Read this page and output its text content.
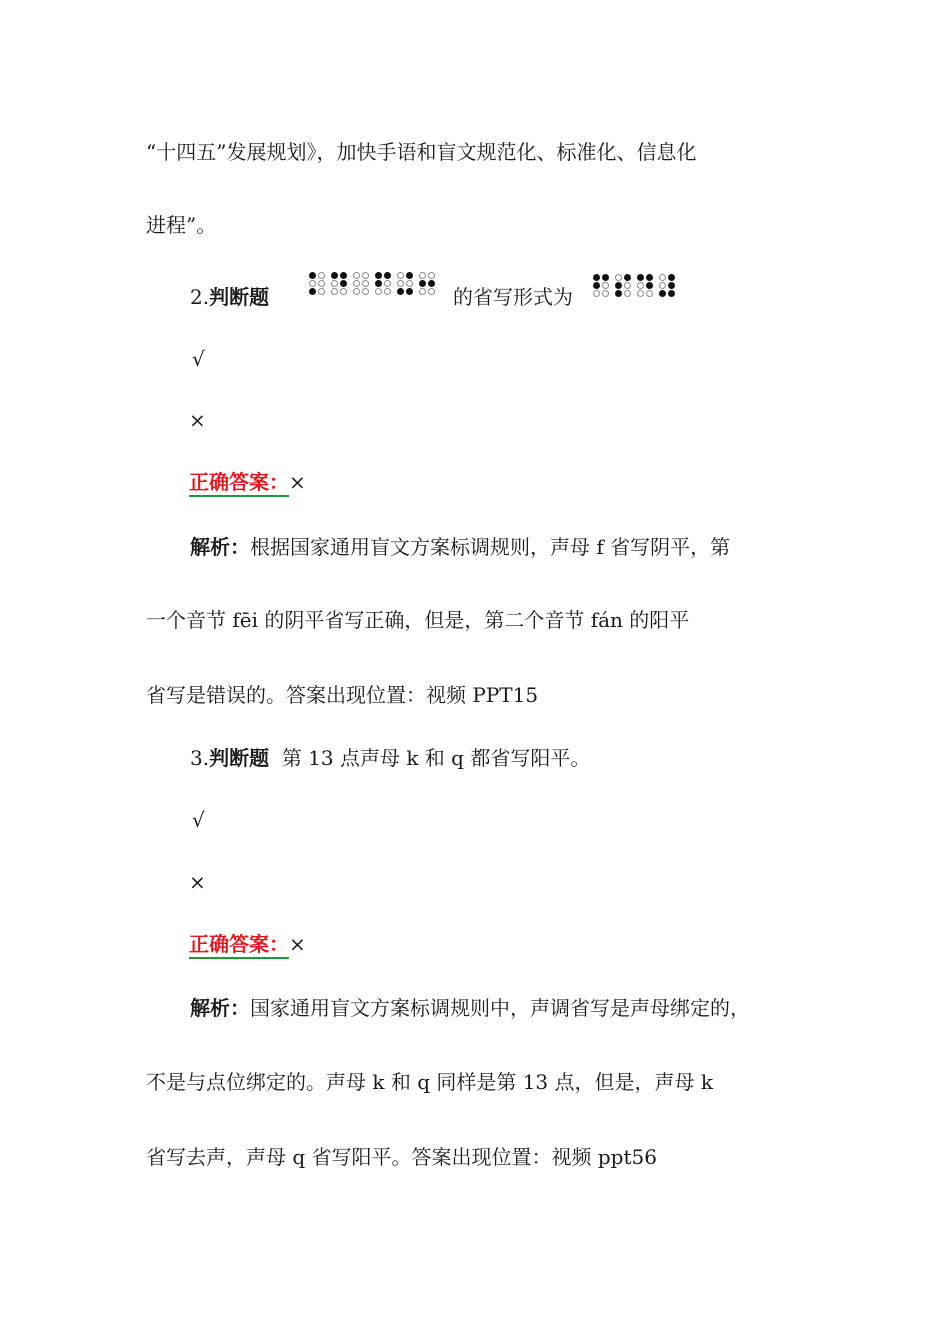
“十四五”发展规划》，加快手语和盲文规范化、标准化、信息化
进程”。
2.判断题	的省写形式为
√
×
正确答案：×
解析：根据国家通用盲文方案标调规则，声母 f 省写阴平，第
一个音节 fēi 的阴平省写正确，但是，第二个音节 fán 的阳平
省写是错误的。答案出现位置：视频 PPT15
3.判断题 第 13 点声母 k 和 q 都省写阳平。
√
×
正确答案：×
解析：国家通用盲文方案标调规则中，声调省写是声母绑定的，
不是与点位绑定的。声母 k 和 q 同样是第 13 点，但是，声母 k
省写去声，声母 q 省写阳平。答案出现位置：视频 ppt56
